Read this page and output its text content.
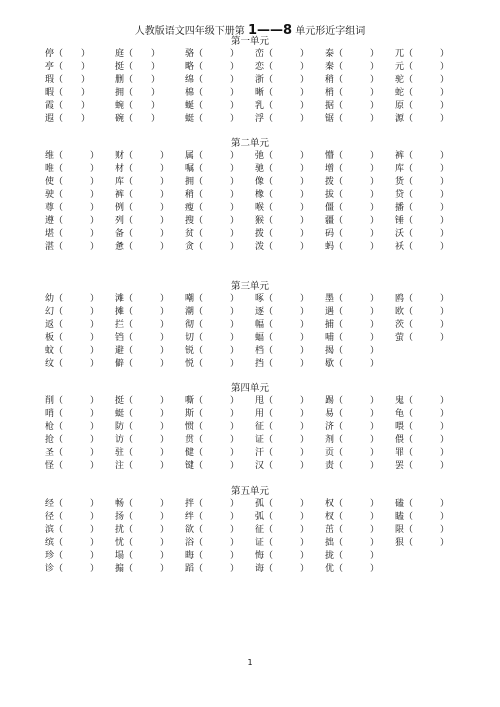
人教版语文四年级下册第 1——8 单元形近字组词
第一单元
停（　　）	庭（　　）	骆（　　　） 峦（　　　） 泰（　　　） 兀（　　　）
亭（　　）	挺（　　）	略（　　　） 恋（　　　） 秦（　　　） 元（　　　）
瑕（　　）	删（　　）	绵（　　　） 浙（　　　） 稍（　　　） 驼（　　　）
暇（　　）	拥（　　）	棉（　　　） 晰（　　　） 梢（　　　） 蛇（　　　）
霞（　　）	蜿（　　）	蜒（　　　） 乳（　　　） 据（　　　） 原（　　　）
遐（　　）	碗（　　）	蜓（　　　） 浮（　　　） 锯（　　　） 源（　　　）
第二单元
维（　　　） 财（　　　） 属（　　　） 弛（　　　） 懵（　　　） 裤（　　　）
唯（　　　） 材（　　　） 嘱（　　　） 驰（　　　） 增（　　　） 库（　　　）
使（　　　） 库（　　　） 拥（　　　） 像（　　　） 拨（　　　） 货（　　　）
驶（　　　） 裤（　　　） 稍（　　　） 橡（　　　） 拔（　　　） 贷（　　　）
尊（　　　） 例（　　　） 瘦（　　　） 喉（　　　） 僵（　　　） 播（　　　）
遵（　　　） 列（　　　） 搜（　　　） 猴（　　　） 疆（　　　） 锤（　　　）
堪（　　　） 备（　　　） 贫（　　　） 拨（　　　） 码（　　　） 沃（　　　）
湛（　　　） 惫（　　　） 贪（　　　） 泼（　　　） 蚂（　　　） 袄（　　　）
第三单元
幼（　　　） 滩（　　　） 嘲（　　　） 啄（　　　） 墨（　　　） 鸥（　　　）
幻（　　　） 摊（　　　） 潮（　　　） 逐（　　　） 遇（　　　） 欧（　　　）
返（　　　） 拦（　　　） 彻（　　　） 幅（　　　） 捕（　　　） 茨（　　　）
板（　　　） 铛（　　　） 切（　　　） 蝠（　　　） 哺（　　　） 萤（　　　）
蚊（　　　） 避（　　　） 锐（　　　） 档（　　　） 揭（　　　）
纹（　　　） 僻（　　　） 悦（　　　） 挡（　　　） 歇（　　　）
第四单元
削（　　　） 挺（　　　） 嘶（　　　） 甩（　　　） 踢（　　　） 鬼（　　　）
哨（　　　） 蜓（　　　） 斯（　　　） 用（　　　） 易（　　　） 龟（　　　）
枪（　　　） 防（　　　） 惯（　　　） 征（　　　） 济（　　　） 喂（　　　）
抢（　　　） 访（　　　） 贯（　　　） 证（　　　） 剂（　　　） 偎（　　　）
圣（　　　） 驻（　　　） 健（　　　） 汗（　　　） 贡（　　　） 罪（　　　）
怪（　　　） 注（　　　） 键（　　　） 汉（　　　） 责（　　　） 罢（　　　）
第五单元
经（　　　） 畅（　　　） 拌（　　　） 孤（　　　） 权（　　　） 磕（　　　）
径（　　　） 扬（　　　） 绊（　　　） 弧（　　　） 杈（　　　） 瞌（　　　）
滨（　　　） 扰（　　　） 欲（　　　） 征（　　　） 茁（　　　） 限（　　　）
缤（　　　） 忧（　　　） 浴（　　　） 证（　　　） 拙（　　　） 狠（　　　）
珍（　　　） 塌（　　　） 晦（　　　） 悔（　　　） 拢（　　　）
诊（　　　） 搧（　　　） 蹈（　　　） 诲（　　　） 优（　　　）
1
